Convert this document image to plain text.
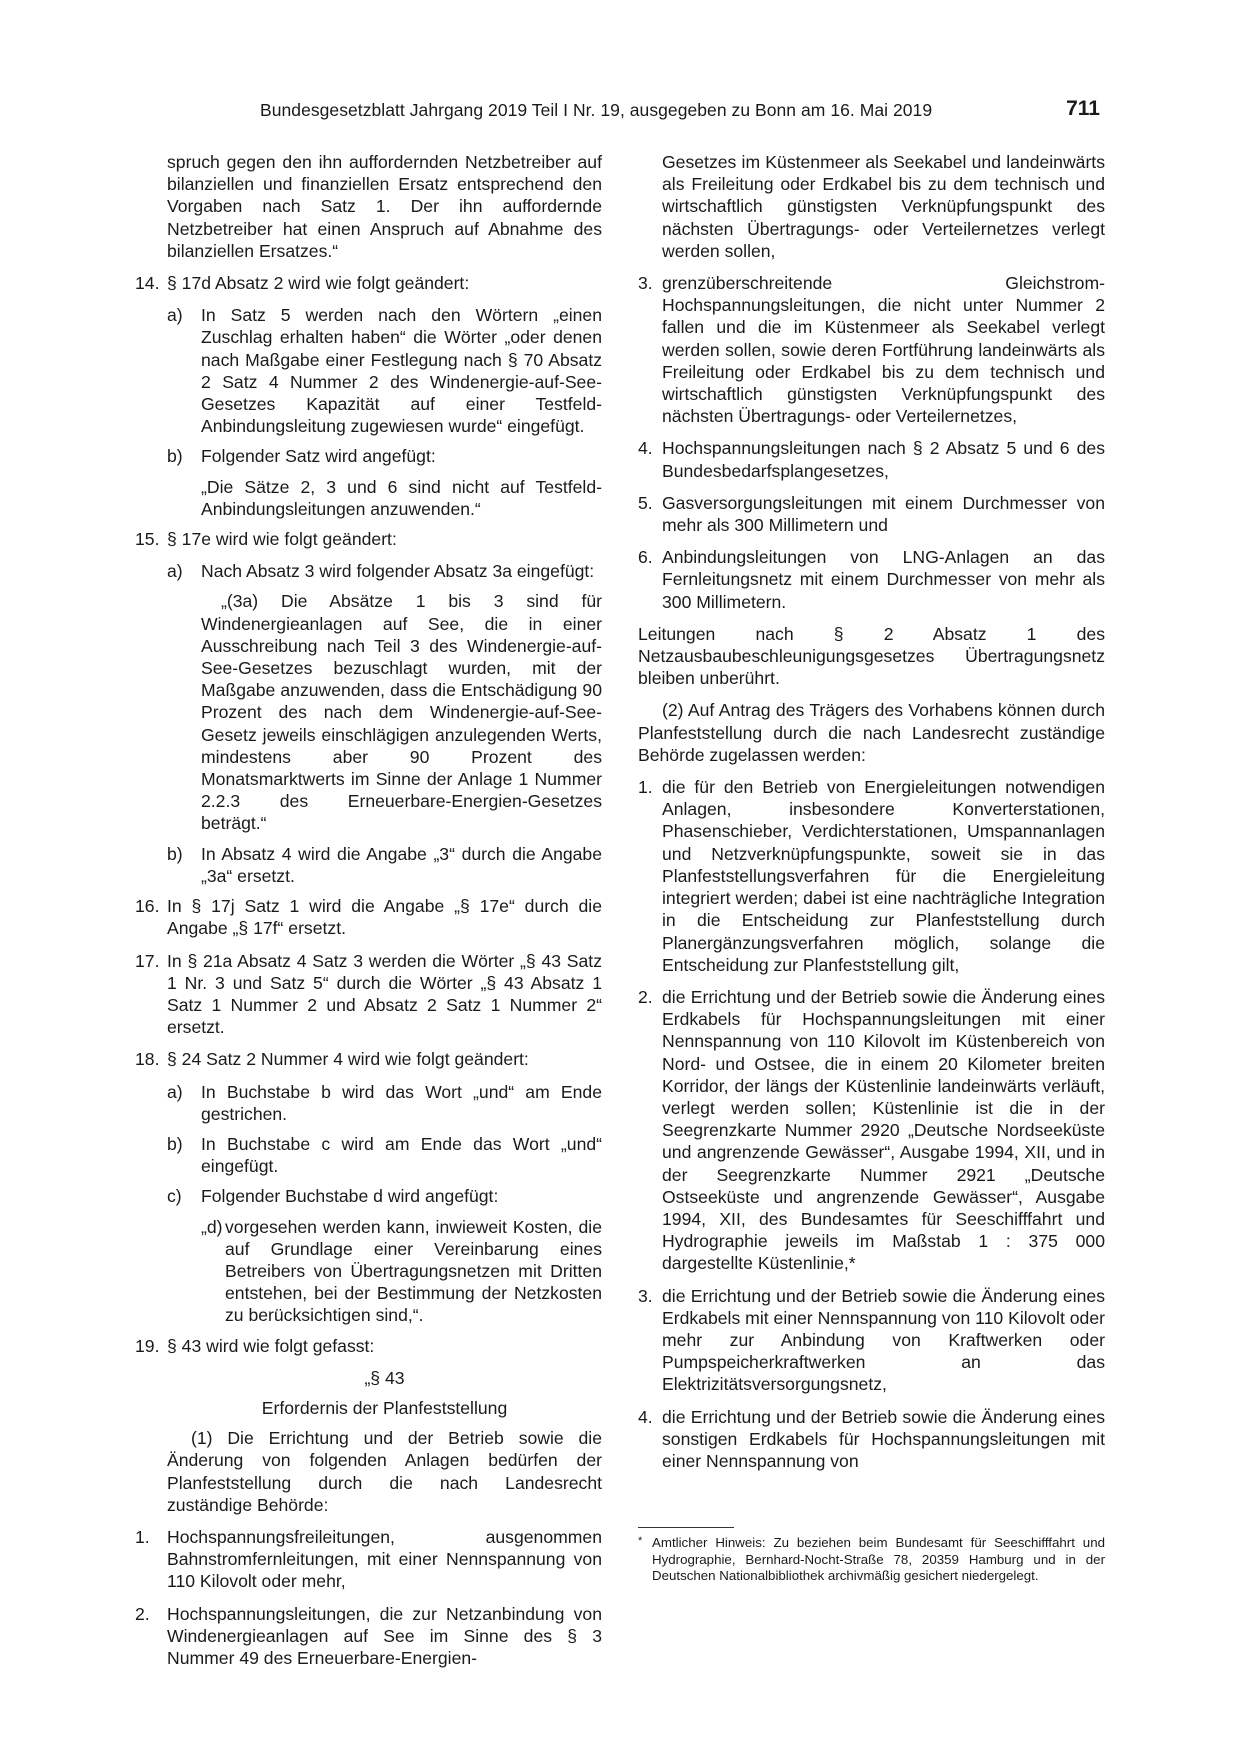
Bundesgesetzblatt Jahrgang 2019 Teil I Nr. 19, ausgegeben zu Bonn am 16. Mai 2019	711

spruch gegen den ihn auffordernden Netzbetreiber auf bilanziellen und finanziellen Ersatz entsprechend den Vorgaben nach Satz 1. Der ihn auffordernde Netzbetreiber hat einen Anspruch auf Abnahme des bilanziellen Ersatzes.“

14. § 17d Absatz 2 wird wie folgt geändert:
a) In Satz 5 werden nach den Wörtern „einen Zuschlag erhalten haben“ die Wörter „oder denen nach Maßgabe einer Festlegung nach § 70 Absatz 2 Satz 4 Nummer 2 des Windenergie-auf-See-Gesetzes Kapazität auf einer Testfeld-Anbindungsleitung zugewiesen wurde“ eingefügt.
b) Folgender Satz wird angefügt:

„Die Sätze 2, 3 und 6 sind nicht auf Testfeld-Anbindungsleitungen anzuwenden.“

15. § 17e wird wie folgt geändert:
a) Nach Absatz 3 wird folgender Absatz 3a eingefügt:

„(3a) Die Absätze 1 bis 3 sind für Windenergieanlagen auf See, die in einer Ausschreibung nach Teil 3 des Windenergie-auf-See-Gesetzes bezuschlagt wurden, mit der Maßgabe anzuwenden, dass die Entschädigung 90 Prozent des nach dem Windenergie-auf-See-Gesetz jeweils einschlägigen anzulegenden Werts, mindestens aber 90 Prozent des Monatsmarktwerts im Sinne der Anlage 1 Nummer 2.2.3 des Erneuerbare-Energien-Gesetzes beträgt.“

b) In Absatz 4 wird die Angabe „3“ durch die Angabe „3a“ ersetzt.
16. In § 17j Satz 1 wird die Angabe „§ 17e“ durch die Angabe „§ 17f“ ersetzt.
17. In § 21a Absatz 4 Satz 3 werden die Wörter „§ 43 Satz 1 Nr. 3 und Satz 5“ durch die Wörter „§ 43 Absatz 1 Satz 1 Nummer 2 und Absatz 2 Satz 1 Nummer 2“ ersetzt.
18. § 24 Satz 2 Nummer 4 wird wie folgt geändert:
a) In Buchstabe b wird das Wort „und“ am Ende gestrichen.
b) In Buchstabe c wird am Ende das Wort „und“ eingefügt.
c) Folgender Buchstabe d wird angefügt:
„d) vorgesehen werden kann, inwieweit Kosten, die auf Grundlage einer Vereinbarung eines Betreibers von Übertragungsnetzen mit Dritten entstehen, bei der Bestimmung der Netzkosten zu berücksichtigen sind,“.
19. § 43 wird wie folgt gefasst:

„§ 43

Erfordernis der Planfeststellung

(1) Die Errichtung und der Betrieb sowie die Änderung von folgenden Anlagen bedürfen der Planfeststellung durch die nach Landesrecht zuständige Behörde:

1. Hochspannungsfreileitungen, ausgenommen Bahnstromfernleitungen, mit einer Nennspannung von 110 Kilovolt oder mehr,
2. Hochspannungsleitungen, die zur Netzanbindung von Windenergieanlagen auf See im Sinne des § 3 Nummer 49 des Erneuerbare-Energien-

Gesetzes im Küstenmeer als Seekabel und landeinwärts als Freileitung oder Erdkabel bis zu dem technisch und wirtschaftlich günstigsten Verknüpfungspunkt des nächsten Übertragungs- oder Verteilernetzes verlegt werden sollen,

3. grenzüberschreitende Gleichstrom-Hochspannungsleitungen, die nicht unter Nummer 2 fallen und die im Küstenmeer als Seekabel verlegt werden sollen, sowie deren Fortführung landeinwärts als Freileitung oder Erdkabel bis zu dem technisch und wirtschaftlich günstigsten Verknüpfungspunkt des nächsten Übertragungs- oder Verteilernetzes,
4. Hochspannungsleitungen nach § 2 Absatz 5 und 6 des Bundesbedarfsplangesetzes,
5. Gasversorgungsleitungen mit einem Durchmesser von mehr als 300 Millimetern und
6. Anbindungsleitungen von LNG-Anlagen an das Fernleitungsnetz mit einem Durchmesser von mehr als 300 Millimetern.

Leitungen nach § 2 Absatz 1 des Netzausbaubeschleunigungsgesetzes Übertragungsnetz bleiben unberührt.

(2) Auf Antrag des Trägers des Vorhabens können durch Planfeststellung durch die nach Landesrecht zuständige Behörde zugelassen werden:

1. die für den Betrieb von Energieleitungen notwendigen Anlagen, insbesondere Konverterstationen, Phasenschieber, Verdichterstationen, Umspannanlagen und Netzverknüpfungspunkte, soweit sie in das Planfeststellungsverfahren für die Energieleitung integriert werden; dabei ist eine nachträgliche Integration in die Entscheidung zur Planfeststellung durch Planergänzungsverfahren möglich, solange die Entscheidung zur Planfeststellung gilt,
2. die Errichtung und der Betrieb sowie die Änderung eines Erdkabels für Hochspannungsleitungen mit einer Nennspannung von 110 Kilovolt im Küstenbereich von Nord- und Ostsee, die in einem 20 Kilometer breiten Korridor, der längs der Küstenlinie landeinwärts verläuft, verlegt werden sollen; Küstenlinie ist die in der Seegrenzkarte Nummer 2920 „Deutsche Nordseeküste und angrenzende Gewässer“, Ausgabe 1994, XII, und in der Seegrenzkarte Nummer 2921 „Deutsche Ostseeküste und angrenzende Gewässer“, Ausgabe 1994, XII, des Bundesamtes für Seeschifffahrt und Hydrographie jeweils im Maßstab 1 : 375 000 dargestellte Küstenlinie,*
3. die Errichtung und der Betrieb sowie die Änderung eines Erdkabels mit einer Nennspannung von 110 Kilovolt oder mehr zur Anbindung von Kraftwerken oder Pumpspeicherkraftwerken an das Elektrizitätsversorgungsnetz,
4. die Errichtung und der Betrieb sowie die Änderung eines sonstigen Erdkabels für Hochspannungsleitungen mit einer Nennspannung von
* Amtlicher Hinweis: Zu beziehen beim Bundesamt für Seeschifffahrt und Hydrographie, Bernhard-Nocht-Straße 78, 20359 Hamburg und in der Deutschen Nationalbibliothek archivmäßig gesichert niedergelegt.
